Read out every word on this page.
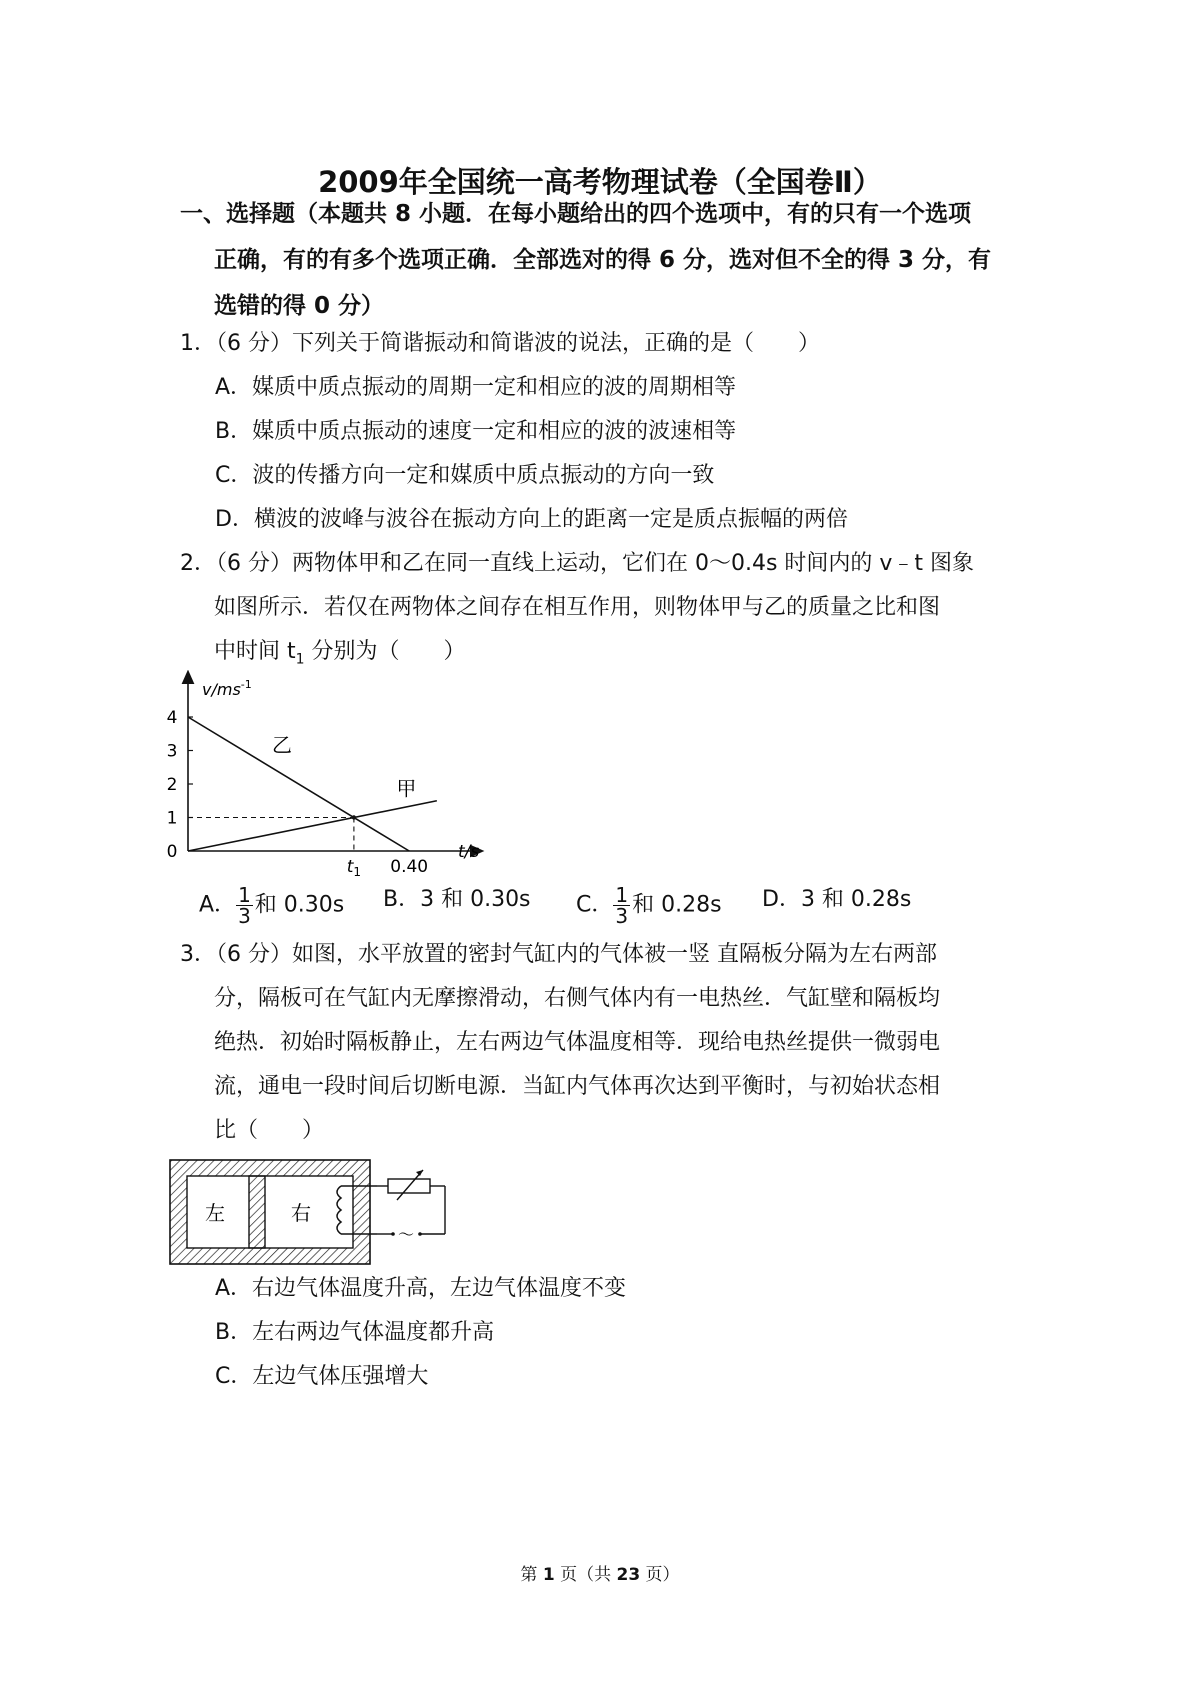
2009年全国统一高考物理试卷（全国卷Ⅱ）
一、选择题（本题共 8 小题．在每小题给出的四个选项中，有的只有一个选项
正确，有的有多个选项正确．全部选对的得 6 分，选对但不全的得 3 分，有
选错的得 0 分）
1．（6 分）下列关于简谐振动和简谐波的说法，正确的是（　　）
A．媒质中质点振动的周期一定和相应的波的周期相等
B．媒质中质点振动的速度一定和相应的波的波速相等
C．波的传播方向一定和媒质中质点振动的方向一致
D．横波的波峰与波谷在振动方向上的距离一定是质点振幅的两倍
2．（6 分）两物体甲和乙在同一直线上运动，它们在 0～0.4s 时间内的 v﹣t 图象
如图所示．若仅在两物体之间存在相互作用，则物体甲与乙的质量之比和图
中时间 $t_1$ 分别为（　　）
0
1
2
3
4
乙
甲
$t_1$ 0.40
$v/ms^{-1}$
t/s
A． $\frac{1}{3}$ 和 0.30s B．3 和 0.30s C． $\frac{1}{3}$ 和 0.28s D．3 和 0.28s
3．（6 分）如图，水平放置的密封气缸内的气体被一竖 直隔板分隔为左右两部
分，隔板可在气缸内无摩擦滑动，右侧气体内有一电热丝．气缸壁和隔板均
绝热．初始时隔板静止，左右两边气体温度相等．现给电热丝提供一微弱电
流，通电一段时间后切断电源．当缸内气体再次达到平衡时，与初始状态相
比（　　）
～
左	右
A．右边气体温度升高，左边气体温度不变
B．左右两边气体温度都升高
C．左边气体压强增大
第 1 页（共 23 页）
